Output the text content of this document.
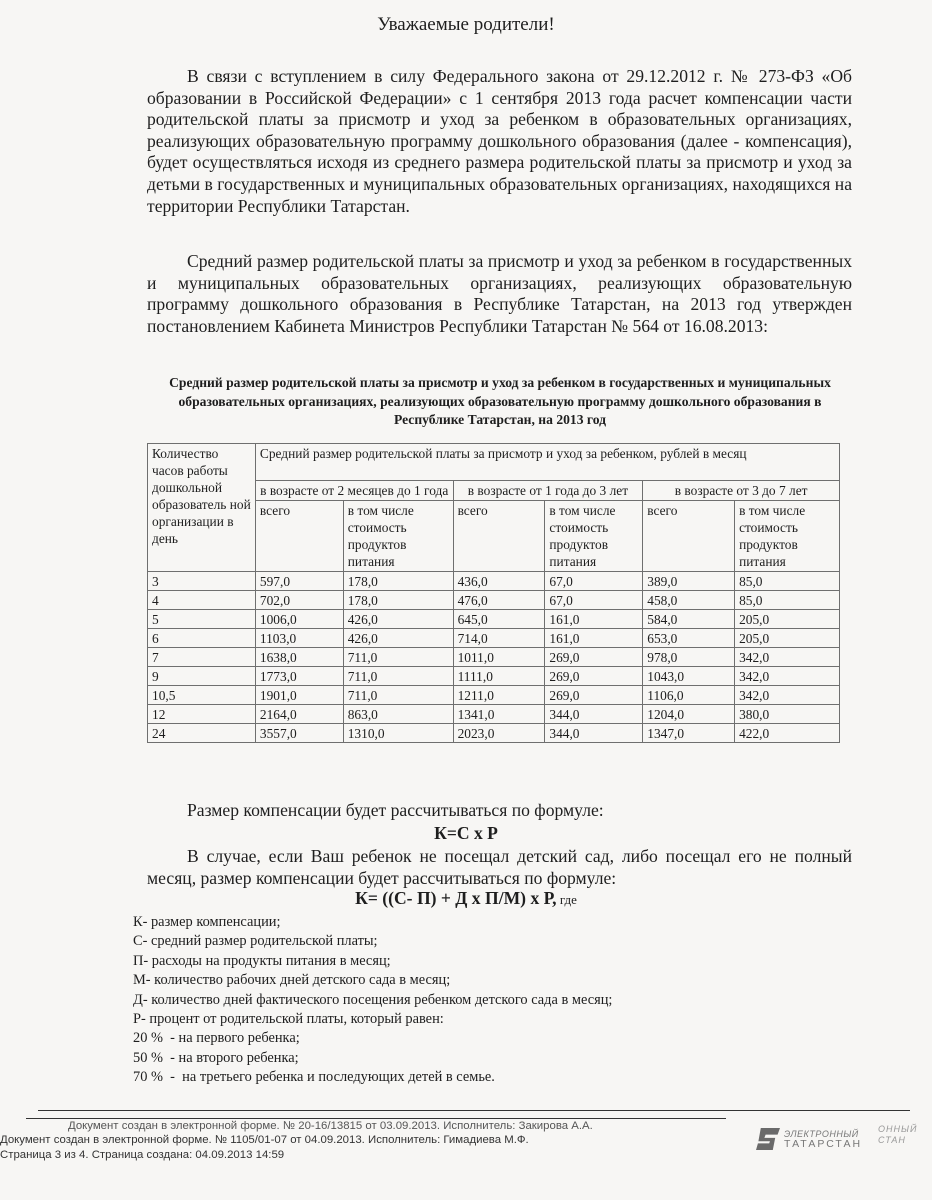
Уважаемые родители!
В связи с вступлением в силу Федерального закона от 29.12.2012 г. № 273-ФЗ «Об образовании в Российской Федерации» с 1 сентября 2013 года расчет компенсации части родительской платы за присмотр и уход за ребенком в образовательных организациях, реализующих образовательную программу дошкольного образования (далее - компенсация), будет осуществляться исходя из среднего размера родительской платы за присмотр и уход за детьми в государственных и муниципальных образовательных организациях, находящихся на территории Республики Татарстан.
Средний размер родительской платы за присмотр и уход за ребенком в государственных и муниципальных образовательных организациях, реализующих образовательную программу дошкольного образования в Республике Татарстан, на 2013 год утвержден постановлением Кабинета Министров Республики Татарстан № 564 от 16.08.2013:
Средний размер родительской платы за присмотр и уход за ребенком в государственных и муниципальных образовательных организациях, реализующих образовательную программу дошкольного образования в Республике Татарстан, на 2013 год
Количество часов работы дошкольной образователь ной организации в день	Средний размер родительской платы за присмотр и уход за ребенком, рублей в месяц					
	в возрасте от 2 месяцев до 1 года		в возрасте от 1 года до 3 лет		в возрасте от 3 до 7 лет	
	всего	в том числе стоимость продуктов питания	всего	в том числе стоимость продуктов питания	всего	в том числе стоимость продуктов питания
3	597,0	178,0	436,0	67,0	389,0	85,0
4	702,0	178,0	476,0	67,0	458,0	85,0
5	1006,0	426,0	645,0	161,0	584,0	205,0
6	1103,0	426,0	714,0	161,0	653,0	205,0
7	1638,0	711,0	1011,0	269,0	978,0	342,0
9	1773,0	711,0	1111,0	269,0	1043,0	342,0
10,5	1901,0	711,0	1211,0	269,0	1106,0	342,0
12	2164,0	863,0	1341,0	344,0	1204,0	380,0
24	3557,0	1310,0	2023,0	344,0	1347,0	422,0
Размер компенсации будет рассчитываться по формуле:
К=С х Р
В случае, если Ваш ребенок не посещал детский сад, либо посещал его не полный месяц, размер компенсации будет рассчитываться по формуле:
К= ((С- П) + Д х П/М) х Р, где
К- размер компенсации;
С- средний размер родительской платы;
П- расходы на продукты питания в месяц;
М- количество рабочих дней детского сада в месяц;
Д- количество дней фактического посещения ребенком детского сада в месяц;
Р- процент от родительской платы, который равен:
20 %  - на первого ребенка;
50 %  - на второго ребенка;
70 %  -  на третьего ребенка и последующих детей в семье.
Документ создан в электронной форме. № 20-16/13815 от 03.09.2013. Исполнитель: Закирова А.А.
Документ создан в электронной форме. № 1105/01-07 от 04.09.2013. Исполнитель: Гимадиева М.Ф.
Страница 3 из 4. Страница создана: 04.09.2013 14:59
ЭЛЕКТРОННЫЙ
ТАТАРСТАН
ОННЫЙ
СТАН
